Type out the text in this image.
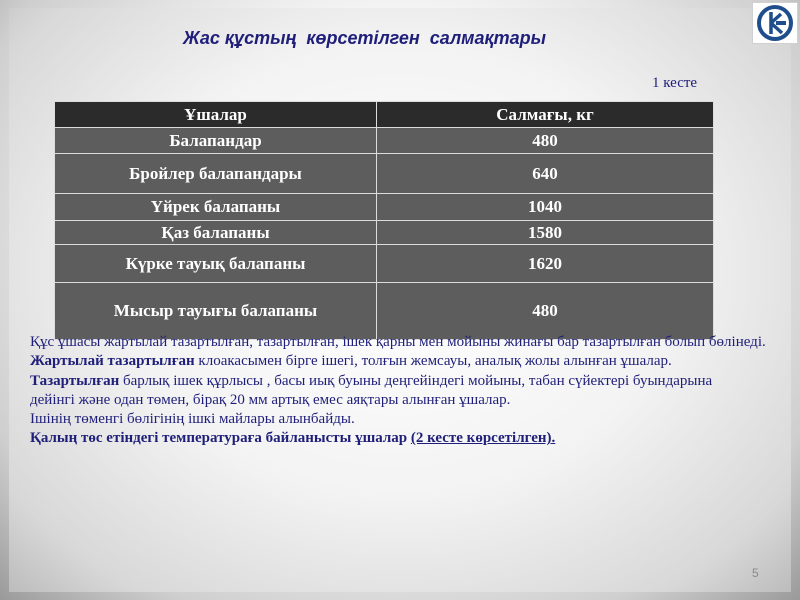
Жас құстың  көрсетілген  салмақтары
1 кесте
Ұшалар	Салмағы, кг
Балапандар	480
Бройлер балапандары	640
Үйрек балапаны	1040
Қаз балапаны	1580
Күрке тауық балапаны	1620
Мысыр тауығы балапаны	480

Құс ұшасы жартылай тазартылған, тазартылған, ішек қарны мен мойыны жинағы бар тазартылған болып бөлінеді.

Жартылай тазартылған клоакасымен бірге ішегі, толғын жемсауы, аналық жолы алынған ұшалар.

Тазартылған барлық ішек құрлысы , басы иық буыны деңгейіндегі мойыны, табан сүйектері буындарына

дейінгі және одан төмен, бірақ 20 мм артық емес аяқтары алынған ұшалар.

Ішінің төменгі бөлігінің ішкі майлары алынбайды.

Қалың төс етіндегі температураға байланысты ұшалар (2 кесте көрсетілген).

5
